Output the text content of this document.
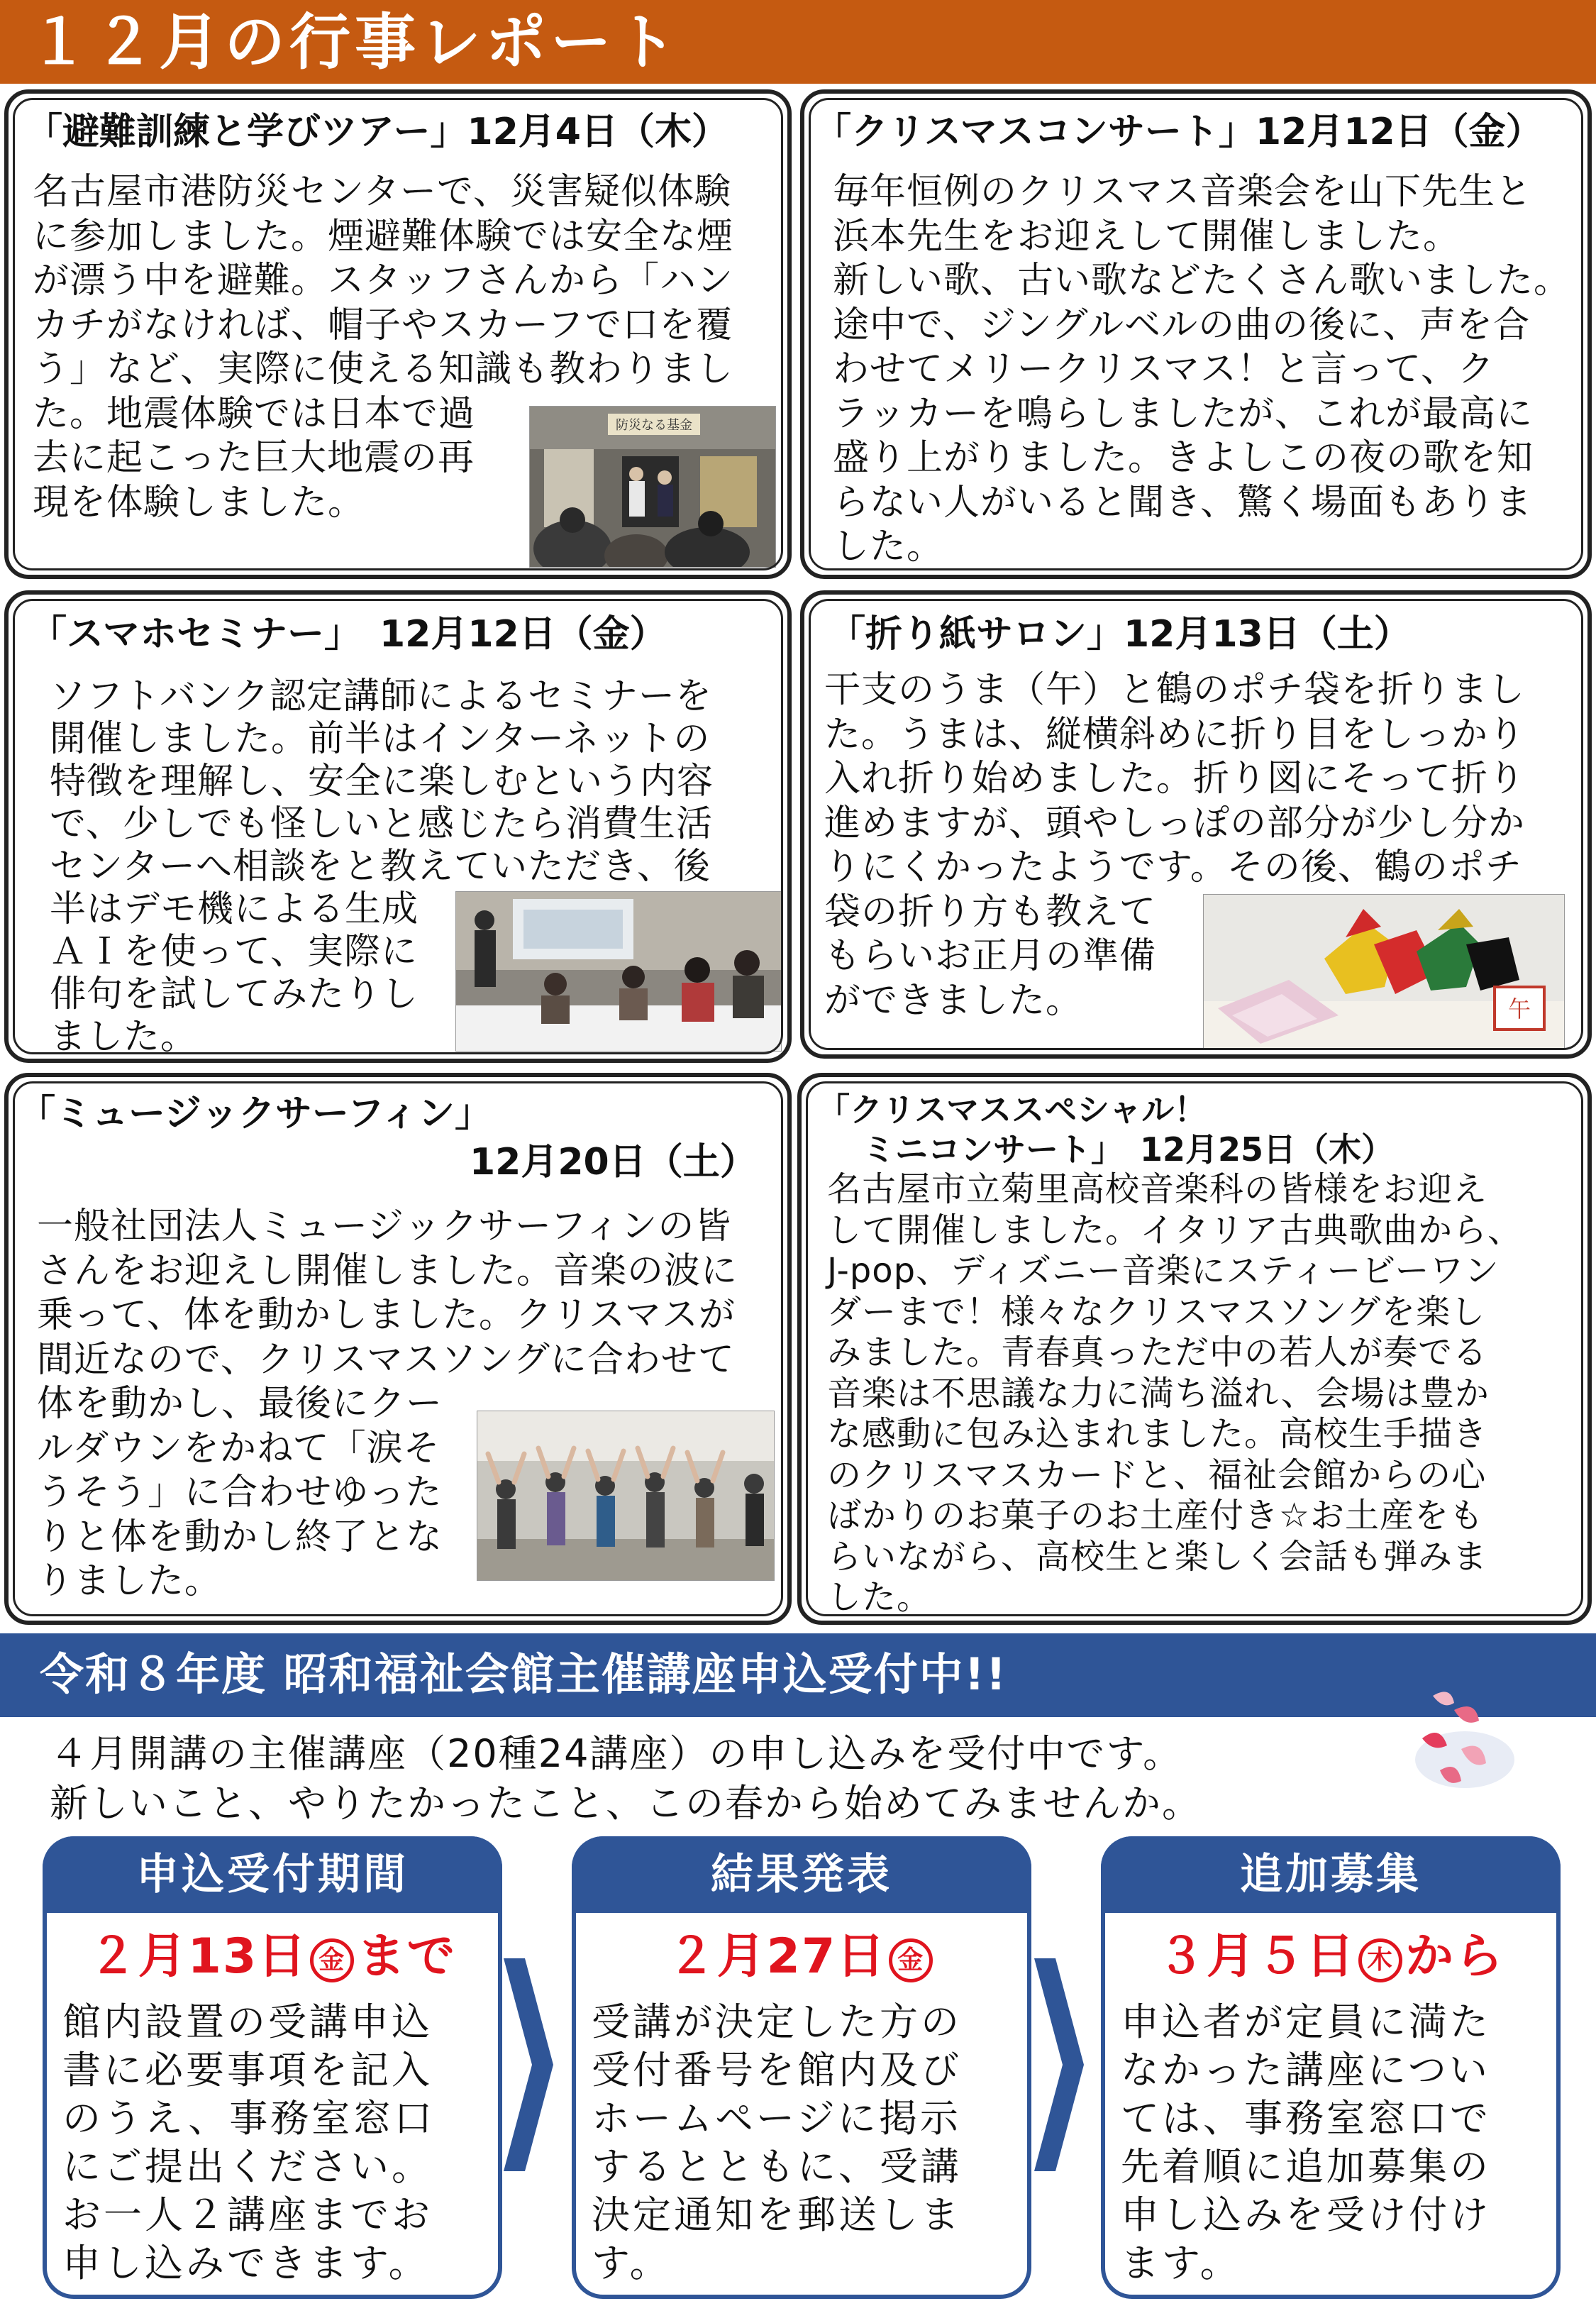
１２月の行事レポート
「避難訓練と学びツアー」12月4日（木）
名古屋市港防災センターで、災害疑似体験
に参加しました。煙避難体験では安全な煙
が漂う中を避難。スタッフさんから「ハン
カチがなければ、帽子やスカーフで口を覆
う」など、実際に使える知識も教わりまし
た。地震体験では日本で過
去に起こった巨大地震の再
現を体験しました。
防災なる基金
「クリスマスコンサート」12月12日（金）
毎年恒例のクリスマス音楽会を山下先生と
浜本先生をお迎えして開催しました。
新しい歌、古い歌などたくさん歌いました。
途中で、ジングルベルの曲の後に、声を合
わせてメリークリスマス！と言って、ク
ラッカーを鳴らしましたが、これが最高に
盛り上がりました。きよしこの夜の歌を知
らない人がいると聞き、驚く場面もありま
した。
「スマホセミナー」　12月12日（金）
ソフトバンク認定講師によるセミナーを
開催しました。前半はインターネットの
特徴を理解し、安全に楽しむという内容
で、少しでも怪しいと感じたら消費生活
センターへ相談をと教えていただき、後
半はデモ機による生成
ＡＩを使って、実際に
俳句を試してみたりし
ました。
「折り紙サロン」12月13日（土）
干支のうま（午）と鶴のポチ袋を折りまし
た。うまは、縦横斜めに折り目をしっかり
入れ折り始めました。折り図にそって折り
進めますが、頭やしっぽの部分が少し分か
りにくかったようです。その後、鶴のポチ
袋の折り方も教えて
もらいお正月の準備
ができました。	午
「ミュージックサーフィン」
12月20日（土）
一般社団法人ミュージックサーフィンの皆
さんをお迎えし開催しました。音楽の波に
乗って、体を動かしました。クリスマスが
間近なので、クリスマスソングに合わせて
体を動かし、最後にクー
ルダウンをかねて「涙そ
うそう」に合わせゆった
りと体を動かし終了とな
りました。
「クリスマススペシャル！
　ミニコンサート」　12月25日（木）
名古屋市立菊里高校音楽科の皆様をお迎え
して開催しました。イタリア古典歌曲から、
J-pop、ディズニー音楽にスティービーワン
ダーまで！様々なクリスマスソングを楽し
みました。青春真っただ中の若人が奏でる
音楽は不思議な力に満ち溢れ、会場は豊か
な感動に包み込まれました。高校生手描き
のクリスマスカードと、福祉会館からの心
ばかりのお菓子のお土産付き☆お土産をも
らいながら、高校生と楽しく会話も弾みま
した。
令和８年度 昭和福祉会館主催講座申込受付中!!
４月開講の主催講座（20種24講座）の申し込みを受付中です。
新しいこと、やりたかったこと、この春から始めてみませんか。
申込受付期間
２月13日 金 まで
館内設置の受講申込
書に必要事項を記入
のうえ、事務室窓口
にご提出ください。
お一人２講座までお
申し込みできます。
結果発表
２月27日 金
受講が決定した方の
受付番号を館内及び
ホームページに掲示
するとともに、受講
決定通知を郵送しま
す。
追加募集
３月５日 木 から
申込者が定員に満た
なかった講座につい
ては、事務室窓口で
先着順に追加募集の
申し込みを受け付け
ます。
